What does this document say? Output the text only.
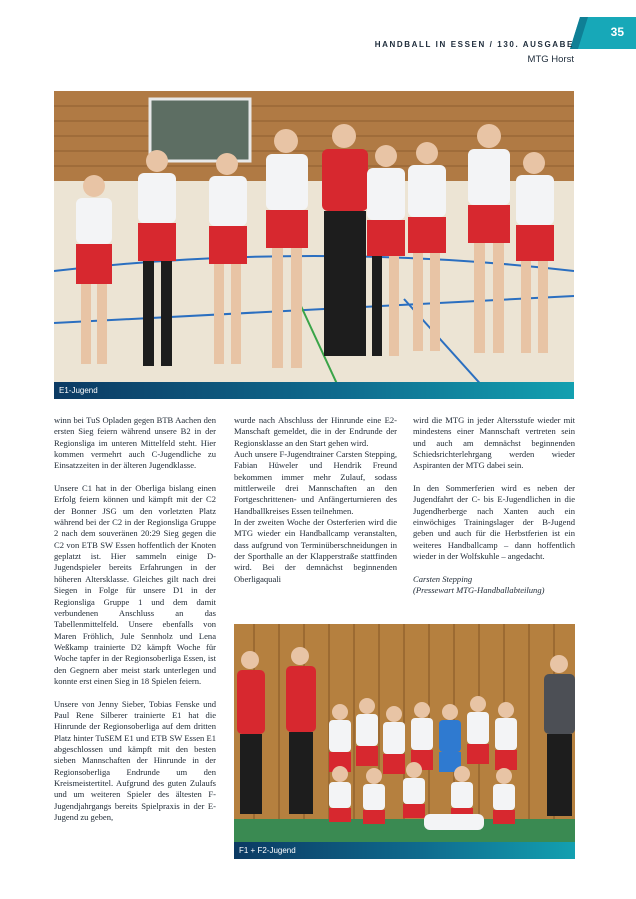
35
HANDBALL IN ESSEN / 130. AUSGABE
MTG Horst
E1-Jugend

winn bei TuS Opladen gegen BTB Aachen den ersten Sieg feiern während unsere B2 in der Regionsliga im unteren Mittelfeld steht. Hier kommen vermehrt auch C-Jugendliche zu Einsatzzeiten in der älteren Jugendklasse.

Unsere C1 hat in der Oberliga bislang einen Erfolg feiern können und kämpft mit der C2 der Bonner JSG um den vorletzten Platz während bei der C2 in der Regionsliga Gruppe 2 nach dem souveränen 20:29 Sieg gegen die C2 von ETB SW Essen hoffentlich der Knoten geplatzt ist. Hier sammeln einige D-Jugendspieler bereits Erfahrungen in der höheren Altersklasse. Gleiches gilt nach drei Siegen in Folge für unsere D1 in der Regionsliga Gruppe 1 und dem damit verbundenen Anschluss an das Tabellenmittelfeld. Unsere ebenfalls von Maren Fröhlich, Jule Sennholz und Lena Weßkamp trainierte D2 kämpft Woche für Woche tapfer in der Regionsoberliga Essen, ist den Gegnern aber meist stark unterlegen und konnte erst einen Sieg in 18 Spielen feiern.

Unsere von Jenny Sieber, Tobias Fenske und Paul Rene Silberer trainierte E1 hat die Hinrunde der Regionsoberliga auf dem dritten Platz hinter TuSEM E1 und ETB SW Essen E1 abgeschlossen und kämpft mit den besten sieben Mannschaften der Hinrunde in der Regionsoberliga Endrunde um den Kreismeistertitel. Aufgrund des guten Zulaufs und um weiteren Spieler des ältesten F-Jugendjahrgangs bereits Spielpraxis in der E-Jugend zu geben,

wurde nach Abschluss der Hinrunde eine E2-Manschaft gemeldet, die in der Endrunde der Regionsklasse an den Start gehen wird.

Auch unsere F-Jugendtrainer Carsten Stepping, Fabian Hüweler und Hendrik Freund bekommen immer mehr Zulauf, sodass mittlerweile drei Mannschaften an den Fortgeschrittenen- und Anfängerturnieren des Handballkreises Essen teilnehmen.

In der zweiten Woche der Osterferien wird die MTG wieder ein Handballcamp veranstalten, dass aufgrund von Terminüberschneidungen in der Sporthalle an der Klapperstraße stattfinden wird. Bei der demnächst beginnenden Oberligaquali

wird die MTG in jeder Altersstufe wieder mit mindestens einer Mannschaft vertreten sein und auch am demnächst beginnenden Schiedsrichterlehrgang werden wieder Aspiranten der MTG dabei sein.

In den Sommerferien wird es neben der Jugendfahrt der C- bis E-Jugendlichen in die Jugendherberge nach Xanten auch ein einwöchiges Trainingslager der B-Jugend geben und auch für die Herbstferien ist ein weiteres Handballcamp – dann hoffentlich wieder in der Wolfskuhle – angedacht.

Carsten Stepping

(Pressewart MTG-Handballabteilung)

F1 + F2-Jugend
